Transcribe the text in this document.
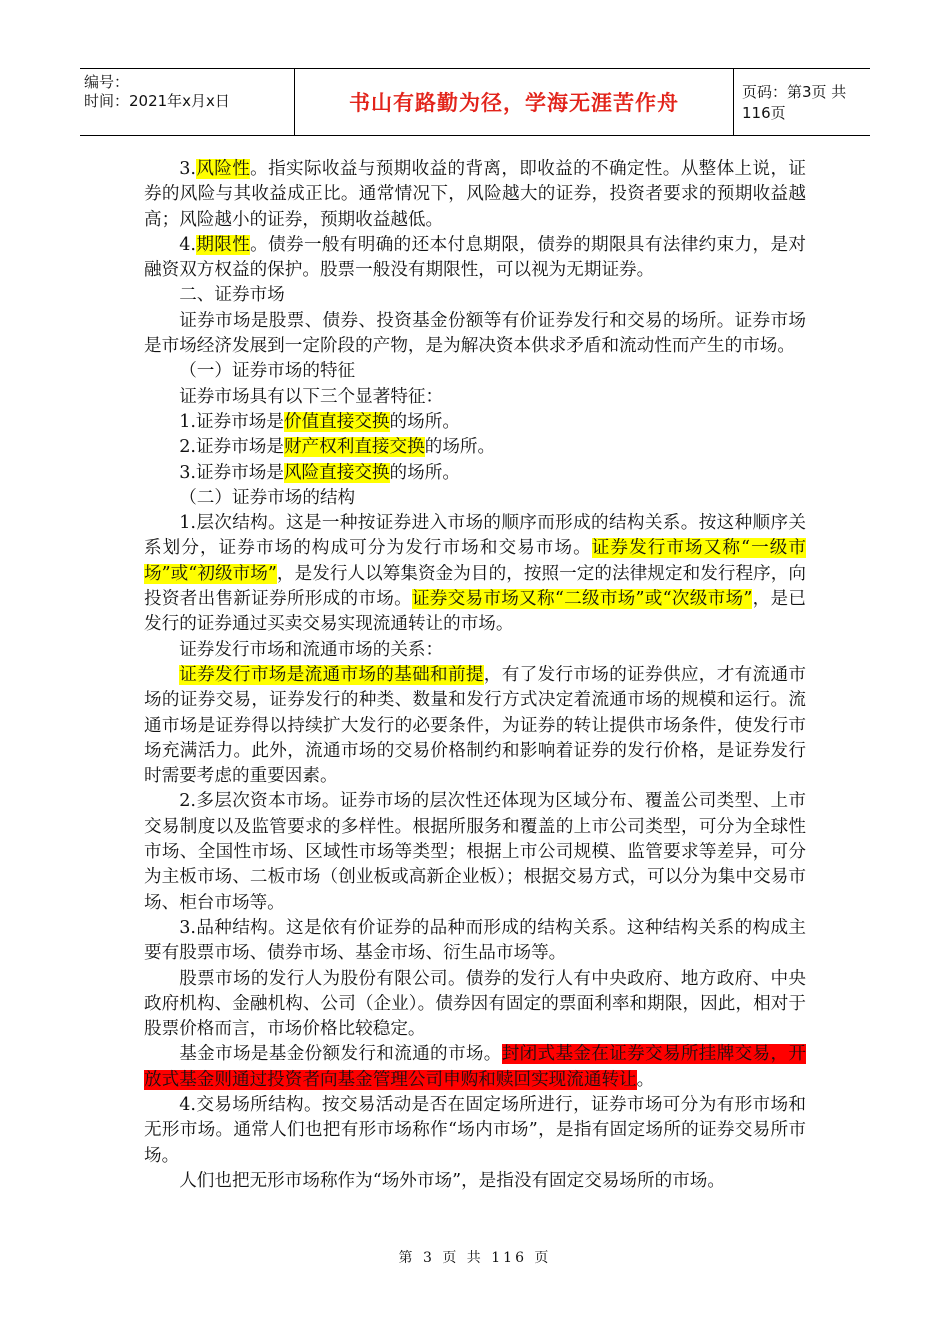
编号：
时间：2021年x月x日	书山有路勤为径，学海无涯苦作舟	页码：第3页 共116页

3.风险性。指实际收益与预期收益的背离，即收益的不确定性。从整体上说，证券的风险与其收益成正比。通常情况下，风险越大的证券，投资者要求的预期收益越高；风险越小的证券，预期收益越低。

4.期限性。债券一般有明确的还本付息期限，债券的期限具有法律约束力，是对融资双方权益的保护。股票一般没有期限性，可以视为无期证券。

二、证券市场

证券市场是股票、债券、投资基金份额等有价证券发行和交易的场所。证券市场是市场经济发展到一定阶段的产物，是为解决资本供求矛盾和流动性而产生的市场。

（一）证券市场的特征

证券市场具有以下三个显著特征：

1.证券市场是价值直接交换的场所。

2.证券市场是财产权利直接交换的场所。

3.证券市场是风险直接交换的场所。

（二）证券市场的结构

1.层次结构。这是一种按证券进入市场的顺序而形成的结构关系。按这种顺序关系划分，证券市场的构成可分为发行市场和交易市场。证券发行市场又称“一级市场”或“初级市场”，是发行人以筹集资金为目的，按照一定的法律规定和发行程序，向投资者出售新证券所形成的市场。证券交易市场又称“二级市场”或“次级市场”，是已发行的证券通过买卖交易实现流通转让的市场。

证券发行市场和流通市场的关系：

证券发行市场是流通市场的基础和前提，有了发行市场的证券供应，才有流通市场的证券交易，证券发行的种类、数量和发行方式决定着流通市场的规模和运行。流通市场是证券得以持续扩大发行的必要条件，为证券的转让提供市场条件，使发行市场充满活力。此外，流通市场的交易价格制约和影响着证券的发行价格，是证券发行时需要考虑的重要因素。

2.多层次资本市场。证券市场的层次性还体现为区域分布、覆盖公司类型、上市交易制度以及监管要求的多样性。根据所服务和覆盖的上市公司类型，可分为全球性市场、全国性市场、区域性市场等类型；根据上市公司规模、监管要求等差异，可分为主板市场、二板市场（创业板或高新企业板）；根据交易方式，可以分为集中交易市场、柜台市场等。

3.品种结构。这是依有价证券的品种而形成的结构关系。这种结构关系的构成主要有股票市场、债券市场、基金市场、衍生品市场等。

股票市场的发行人为股份有限公司。债券的发行人有中央政府、地方政府、中央政府机构、金融机构、公司（企业）。债券因有固定的票面利率和期限，因此，相对于股票价格而言，市场价格比较稳定。

基金市场是基金份额发行和流通的市场。封闭式基金在证券交易所挂牌交易，开放式基金则通过投资者向基金管理公司申购和赎回实现流通转让。

4.交易场所结构。按交易活动是否在固定场所进行，证券市场可分为有形市场和无形市场。通常人们也把有形市场称作“场内市场”，是指有固定场所的证券交易所市场。

人们也把无形市场称作为“场外市场”，是指没有固定交易场所的市场。

第 3 页 共 116 页
